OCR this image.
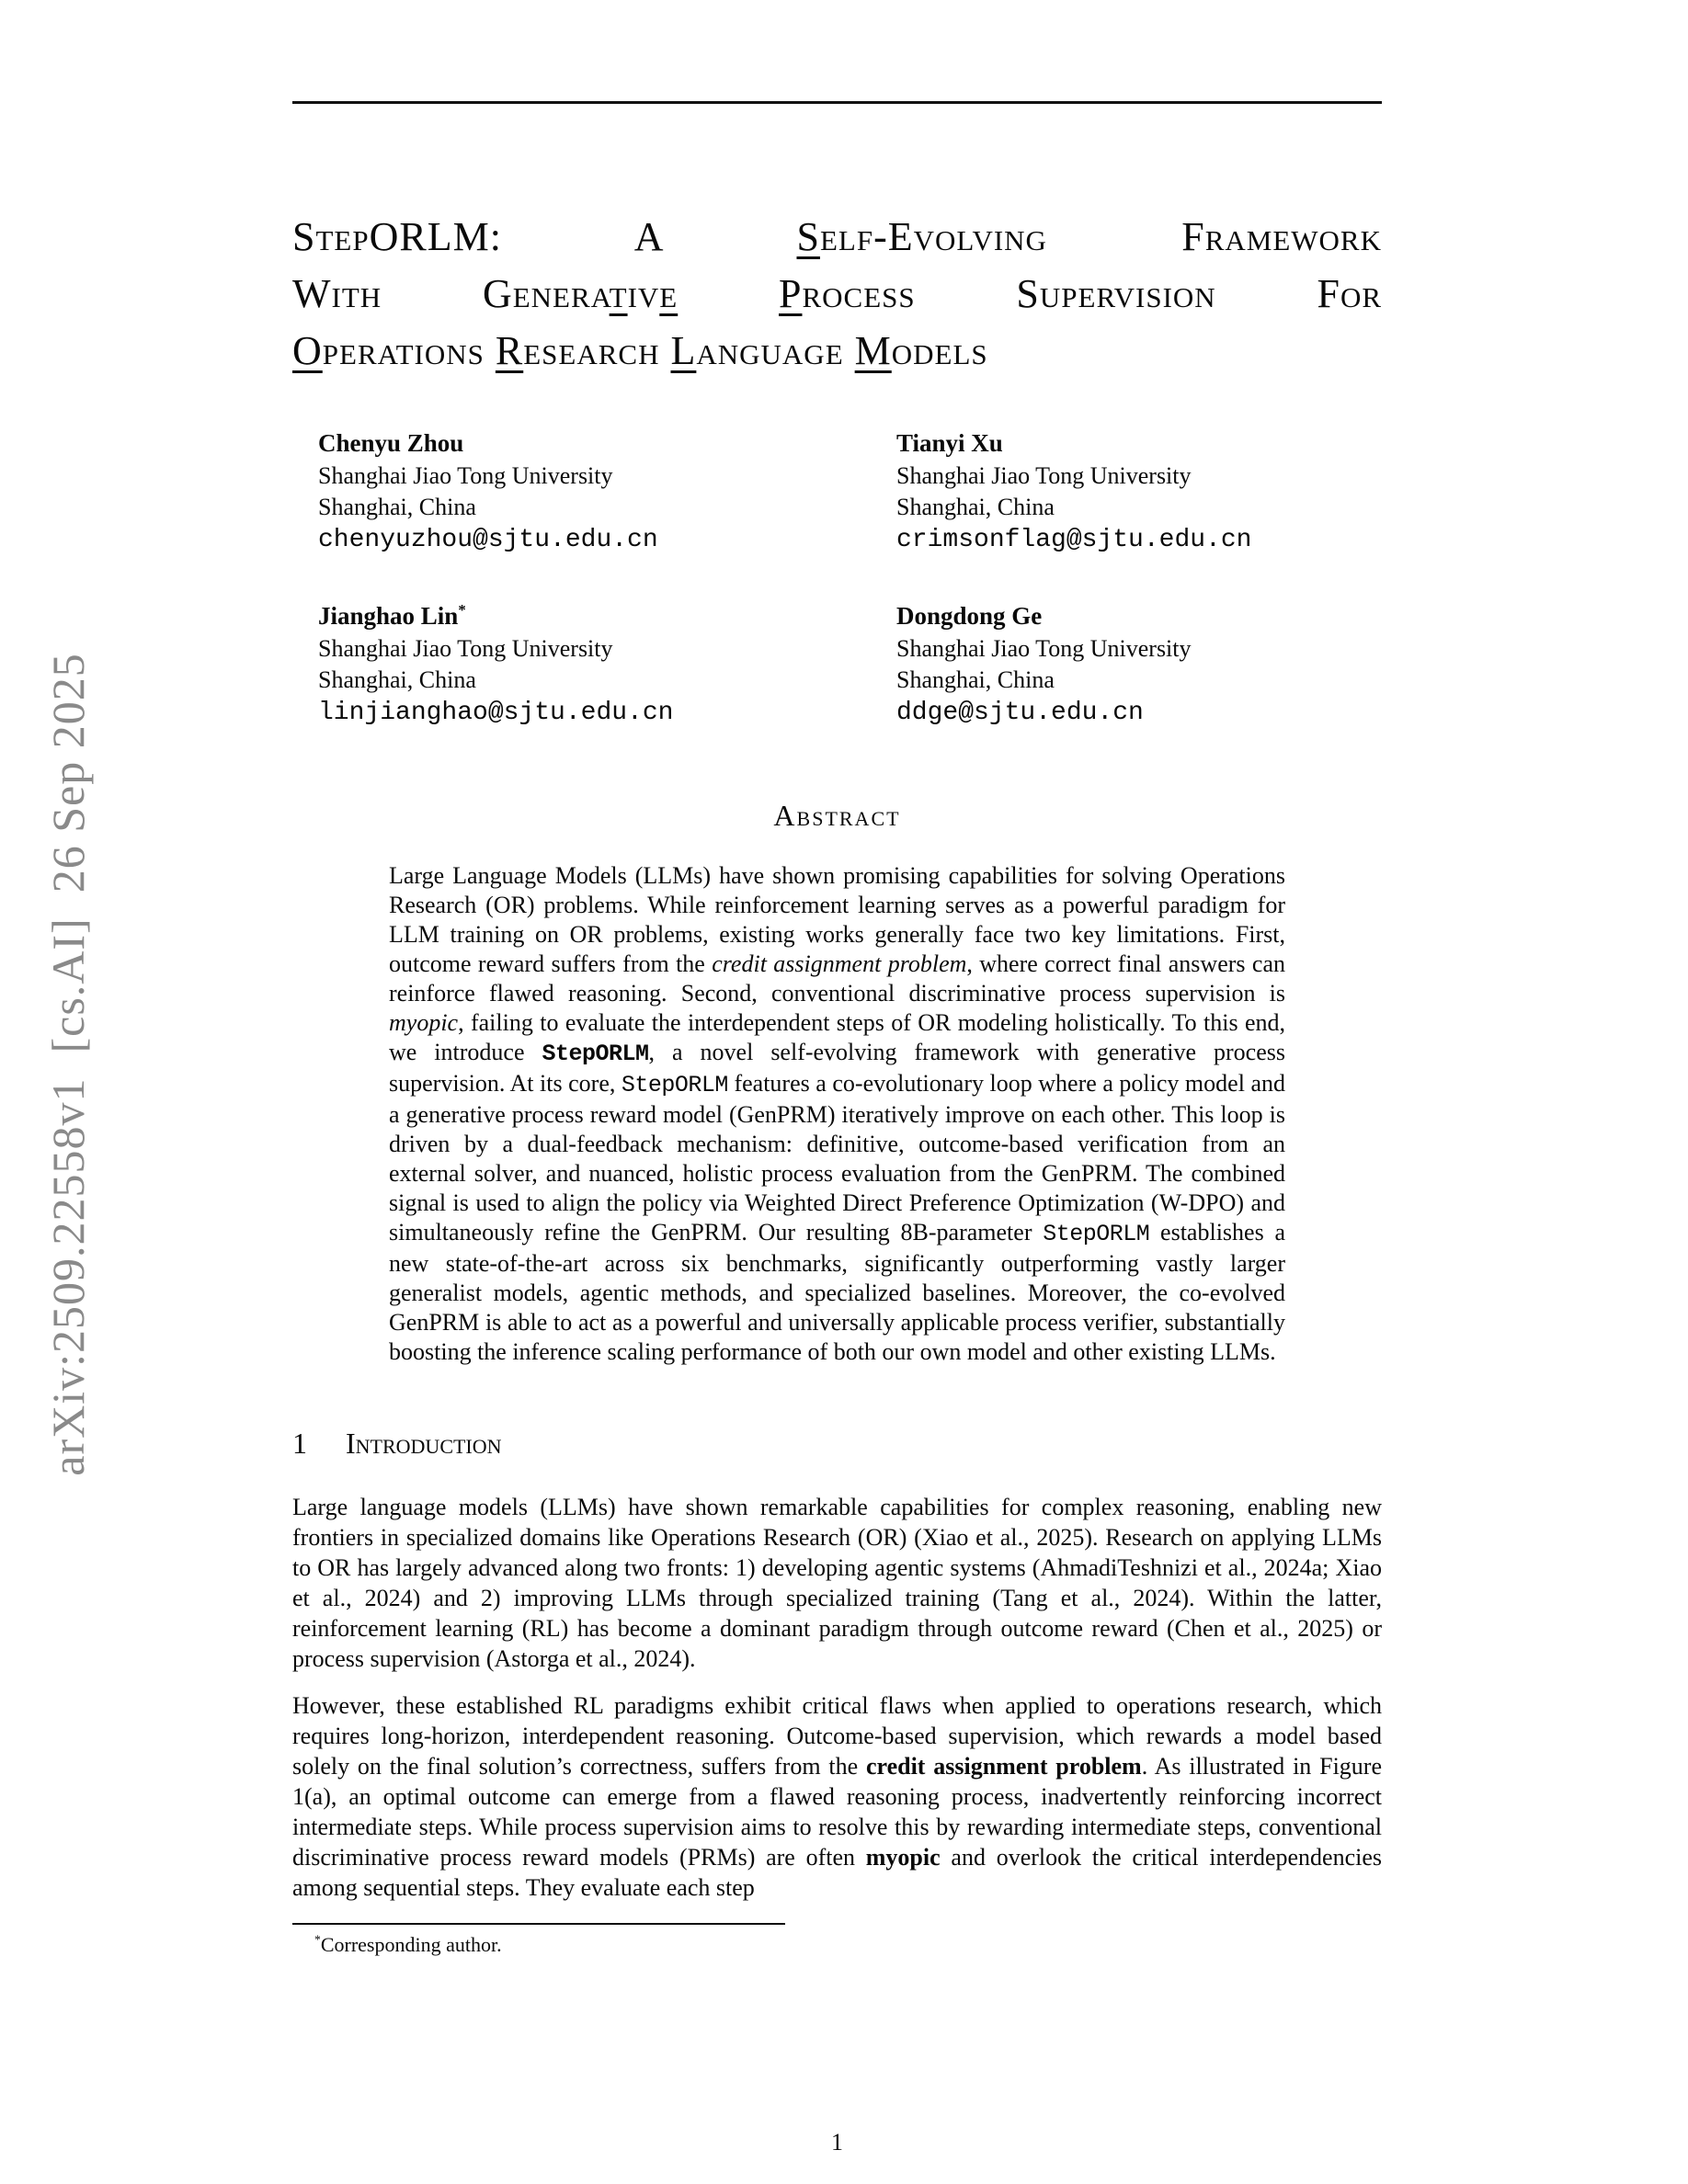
arXiv:2509.22558v1  [cs.AI]  26 Sep 2025
StepORLM: A Self-Evolving Framework
With Generative Process Supervision For
Operations Research Language Models
Chenyu Zhou
Shanghai Jiao Tong University
Shanghai, China
chenyuzhou@sjtu.edu.cn
Tianyi Xu
Shanghai Jiao Tong University
Shanghai, China
crimsonflag@sjtu.edu.cn
Jianghao Lin*
Shanghai Jiao Tong University
Shanghai, China
linjianghao@sjtu.edu.cn
Dongdong Ge
Shanghai Jiao Tong University
Shanghai, China
ddge@sjtu.edu.cn
Abstract
Large Language Models (LLMs) have shown promising capabilities for solving Operations Research (OR) problems. While reinforcement learning serves as a powerful paradigm for LLM training on OR problems, existing works generally face two key limitations. First, outcome reward suffers from the credit assignment problem, where correct final answers can reinforce flawed reasoning. Second, conventional discriminative process supervision is myopic, failing to evaluate the interdependent steps of OR modeling holistically. To this end, we introduce StepORLM, a novel self-evolving framework with generative process supervision. At its core, StepORLM features a co-evolutionary loop where a policy model and a generative process reward model (GenPRM) iteratively improve on each other. This loop is driven by a dual-feedback mechanism: definitive, outcome-based verification from an external solver, and nuanced, holistic process evaluation from the GenPRM. The combined signal is used to align the policy via Weighted Direct Preference Optimization (W-DPO) and simultaneously refine the GenPRM. Our resulting 8B-parameter StepORLM establishes a new state-of-the-art across six benchmarks, significantly outperforming vastly larger generalist models, agentic methods, and specialized baselines. Moreover, the co-evolved GenPRM is able to act as a powerful and universally applicable process verifier, substantially boosting the inference scaling performance of both our own model and other existing LLMs.
1 Introduction
Large language models (LLMs) have shown remarkable capabilities for complex reasoning, enabling new frontiers in specialized domains like Operations Research (OR) (Xiao et al., 2025). Research on applying LLMs to OR has largely advanced along two fronts: 1) developing agentic systems (AhmadiTeshnizi et al., 2024a; Xiao et al., 2024) and 2) improving LLMs through specialized training (Tang et al., 2024). Within the latter, reinforcement learning (RL) has become a dominant paradigm through outcome reward (Chen et al., 2025) or process supervision (Astorga et al., 2024).
However, these established RL paradigms exhibit critical flaws when applied to operations research, which requires long-horizon, interdependent reasoning. Outcome-based supervision, which rewards a model based solely on the final solution’s correctness, suffers from the credit assignment problem. As illustrated in Figure 1(a), an optimal outcome can emerge from a flawed reasoning process, inadvertently reinforcing incorrect intermediate steps. While process supervision aims to resolve this by rewarding intermediate steps, conventional discriminative process reward models (PRMs) are often myopic and overlook the critical interdependencies among sequential steps. They evaluate each step
*Corresponding author.
1
